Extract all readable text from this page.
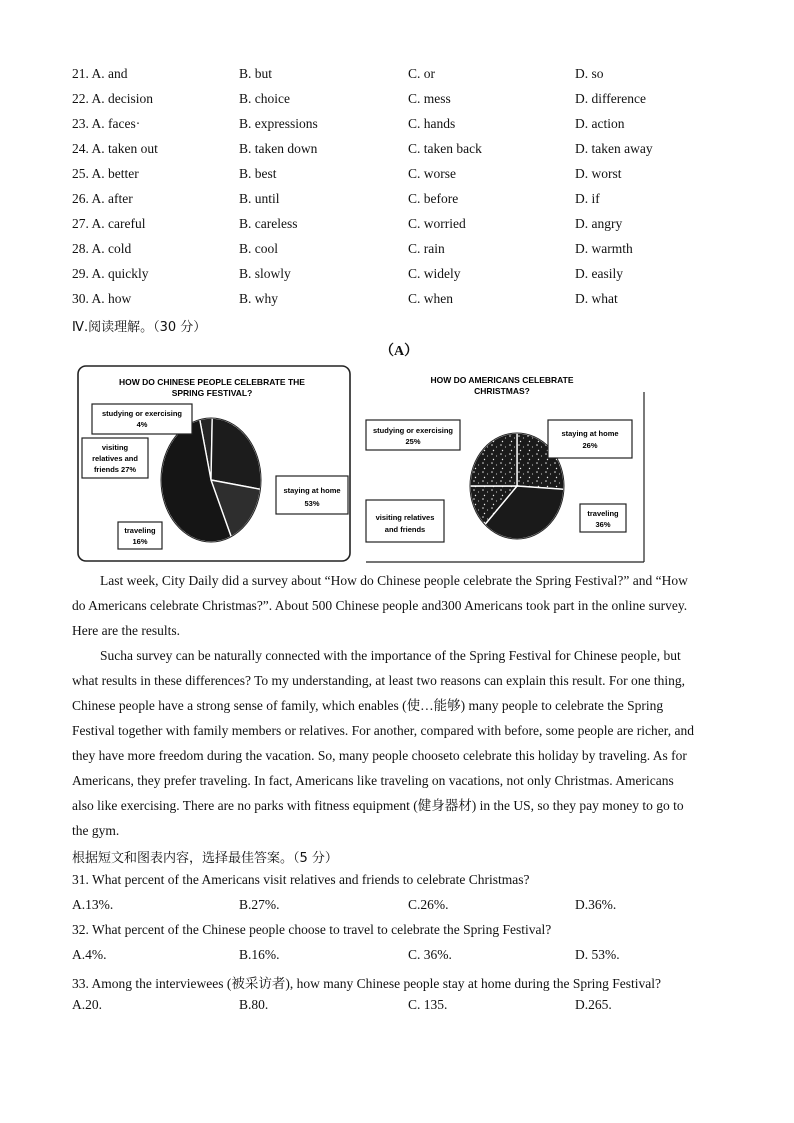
21. A. and	B. but	C. or	D. so
22. A. decision	B. choice	C. mess	D. difference
23. A. faces·	B. expressions	C. hands	D. action
24. A. taken out	B. taken down	C. taken back	D. taken away
25. A. better	B. best	C. worse	D. worst
26. A. after	B. until	C. before	D. if
27. A. careful	B. careless	C. worried	D. angry
28. A. cold	B. cool	C. rain	D. warmth
29. A. quickly	B. slowly	C. widely	D. easily
30. A. how	B. why	C. when	D. what
Ⅳ.阅读理解。（30 分）
（A）
HOW DO CHINESE PEOPLE CELEBRATE THE
SPRING FESTIVAL?
studying or exercising
4%
visiting
relatives and
friends 27%
traveling
16%
staying at home
53%
HOW DO AMERICANS CELEBRATE
CHRISTMAS?
studying or exercising
25%
staying at home
26%
visiting relatives
and friends
traveling
36%
Last week, City Daily did a survey about “How do Chinese people celebrate the Spring Festival?” and “How
do Americans celebrate Christmas?”. About 500 Chinese people and300 Americans took part in the online survey.
Here are the results.
Sucha survey can be naturally connected with the importance of the Spring Festival for Chinese people, but
what results in these differences? To my understanding, at least two reasons can explain this result. For one thing,
Chinese people have a strong sense of family, which enables (使…能够) many people to celebrate the Spring
Festival together with family members or relatives. For another, compared with before, some people are richer, and
they have more freedom during the vacation. So, many people chooseto celebrate this holiday by traveling. As for
Americans, they prefer traveling. In fact, Americans like traveling on vacations, not only Christmas. Americans
also like exercising. There are no parks with fitness equipment (健身器材) in the US, so they pay money to go to
the gym.
根据短文和图表内容，选择最佳答案。（5 分）
31. What percent of the Americans visit relatives and friends to celebrate Christmas?
A.13%.	B.27%.	C.26%.	D.36%.
32. What percent of the Chinese people choose to travel to celebrate the Spring Festival?
A.4%.	B.16%.	C. 36%.	D. 53%.
33. Among the interviewees (被采访者), how many Chinese people stay at home during the Spring Festival?
A.20.	B.80.	C. 135.	D.265.
